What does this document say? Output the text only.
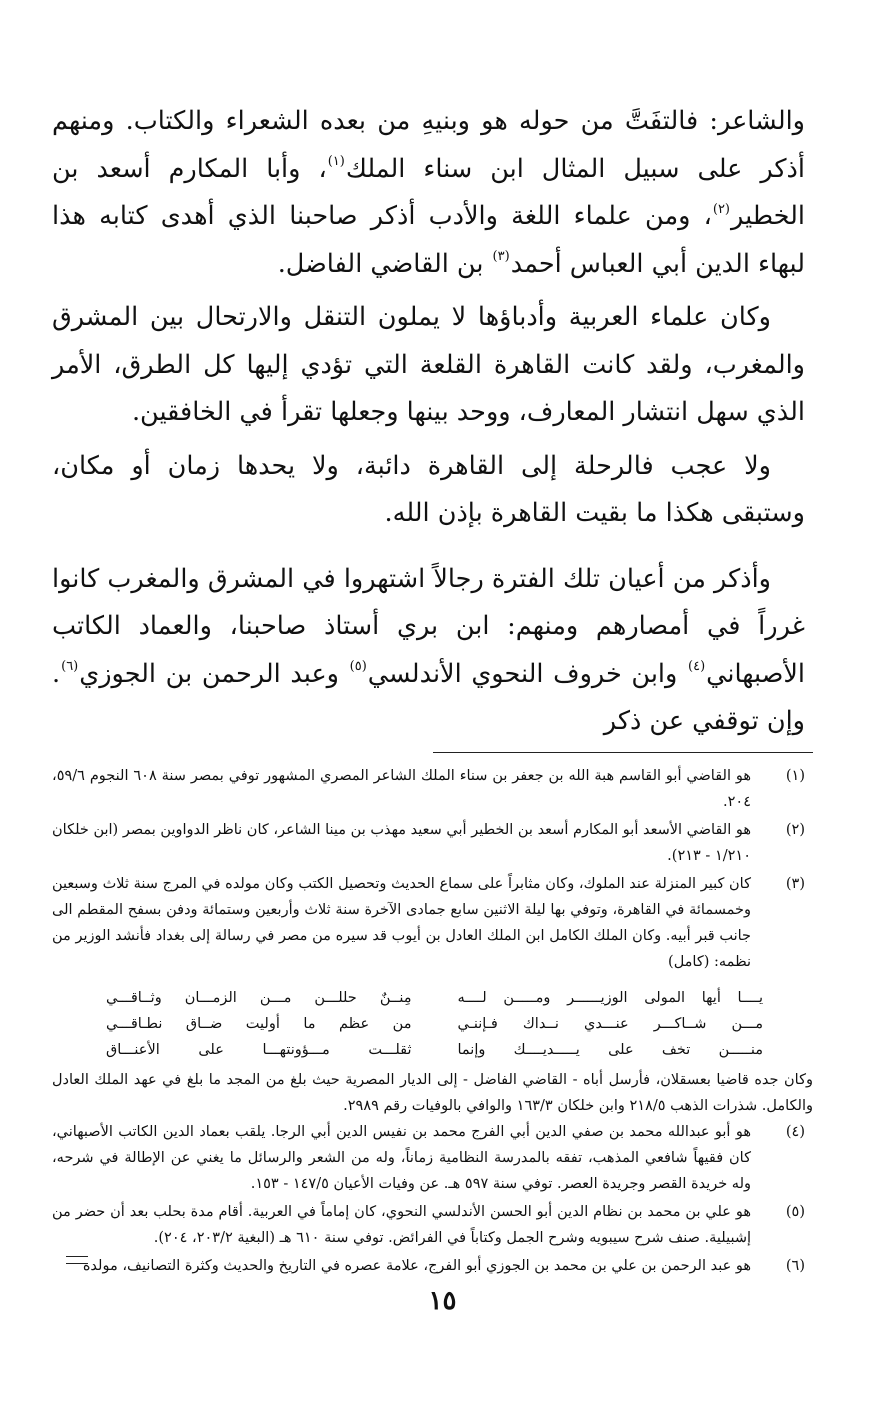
والشاعر: فالتفَتَّ من حوله هو وبنيهِ من بعده الشعراء والكتاب. ومنهم أذكر على سبيل المثال ابن سناء الملك$^{(١)}$، وأبا المكارم أسعد بن الخطير$^{(٢)}$، ومن علماء اللغة والأدب أذكر صاحبنا الذي أهدى كتابه هذا لبهاء الدين أبي العباس أحمد$^{(٣)}$ بن القاضي الفاضل.

وكان علماء العربية وأدباؤها لا يملون التنقل والارتحال بين المشرق والمغرب، ولقد كانت القاهرة القلعة التي تؤدي إليها كل الطرق، الأمر الذي سهل انتشار المعارف، ووحد بينها وجعلها تقرأ في الخافقين.

ولا عجب فالرحلة إلى القاهرة دائبة، ولا يحدها زمان أو مكان، وستبقى هكذا ما بقيت القاهرة بإذن الله.

وأذكر من أعيان تلك الفترة رجالاً اشتهروا في المشرق والمغرب كانوا غرراً في أمصارهم ومنهم: ابن بري أستاذ صاحبنا، والعماد الكاتب الأصبهاني$^{(٤)}$ وابن خروف النحوي الأندلسي$^{(٥)}$ وعبد الرحمن بن الجوزي$^{(٦)}$. وإن توقفي عن ذكر

(١)
هو القاضي أبو القاسم هبة الله بن جعفر بن سناء الملك الشاعر المصري المشهور توفي بمصر سنة ٦٠٨ النجوم ٥٩/٦، ٢٠٤.
(٢)
هو القاضي الأسعد أبو المكارم أسعد بن الخطير أبي سعيد مهذب بن مينا الشاعر، كان ناظر الدواوين بمصر (ابن خلكان ١/٢١٠ - ٢١٣).
(٣)
كان كبير المنزلة عند الملوك، وكان مثابراً على سماع الحديث وتحصيل الكتب وكان مولده في المرج سنة ثلاث وسبعين وخمسمائة في القاهرة، وتوفي بها ليلة الاثنين سابع جمادى الآخرة سنة ثلاث وأربعين وستمائة ودفن بسفح المقطم الى جانب قبر أبيه. وكان الملك الكامل ابن الملك العادل بن أيوب قد سيره من مصر في رسالة إلى بغداد فأنشد الوزير من نظمه: (كامل)
يــــا أيها المولى الوزيــــــر ومـــــن لــــه
مِنــنٌ حللـــن مـــن الزمـــان وثــاقـــي
مـــن شــاكـــر عنـــدي نــداك فـإننـي
من عظم ما أوليت ضــاق نطـاقـــي
منـــــن تخف على يـــــديــــك وإنما
ثقلـــت مـــؤونتهـــا على الأعنـــاق
وكان جده قاضيا بعسقلان، فأرسل أباه - القاضي الفاضل - إلى الديار المصرية حيث بلغ من المجد ما بلغ في عهد الملك العادل والكامل. شذرات الذهب ٢١٨/٥ وابن خلكان ١٦٣/٣ والوافي بالوفيات رقم ٢٩٨٩.
(٤)
هو أبو عبدالله محمد بن صفي الدين أبي الفرج محمد بن نفيس الدين أبي الرجا. يلقب بعماد الدين الكاتب الأصبهاني، كان فقيهاً شافعي المذهب، تفقه بالمدرسة النظامية زماناً، وله من الشعر والرسائل ما يغني عن الإطالة في شرحه، وله خريدة القصر وجريدة العصر. توفي سنة ٥٩٧ هـ. عن وفيات الأعيان ١٤٧/٥ - ١٥٣.
(٥)
هو علي بن محمد بن نظام الدين أبو الحسن الأندلسي النحوي، كان إماماً في العربية. أقام مدة بحلب بعد أن حضر من إشبيلية. صنف شرح سيبويه وشرح الجمل وكتاباً في الفرائض. توفي سنة ٦١٠ هـ (البغية ٢٠٣/٢، ٢٠٤).
(٦)
هو عبد الرحمن بن علي بن محمد بن الجوزي أبو الفرج، علامة عصره في التاريخ والحديث وكثرة التصانيف، مولده
١٥
